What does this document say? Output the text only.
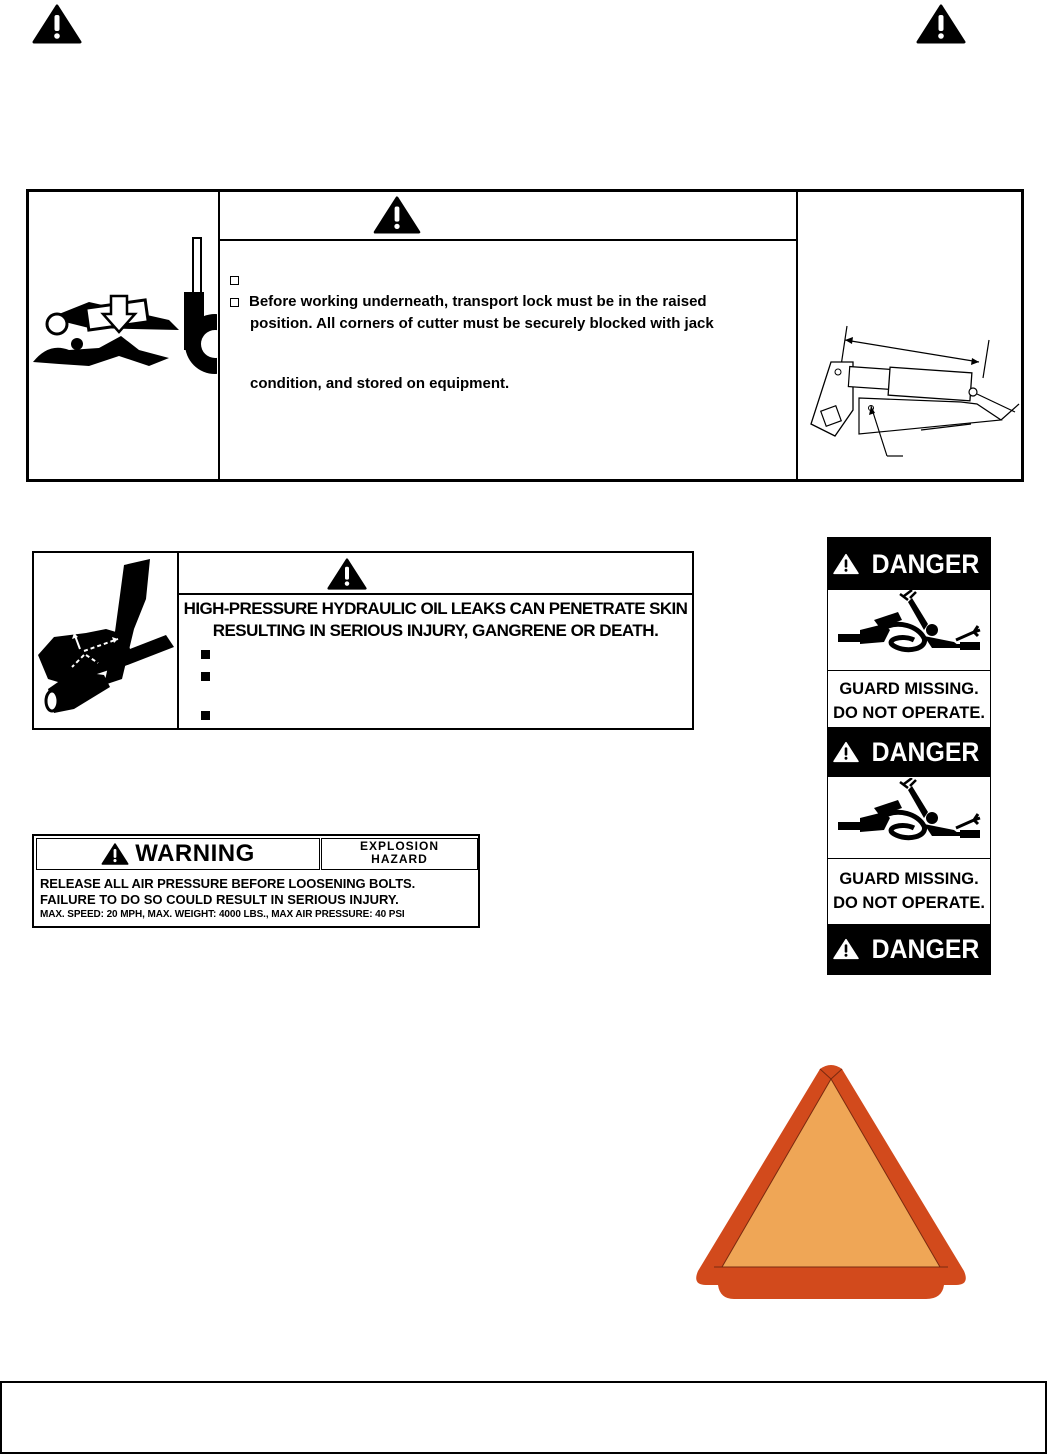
Before working underneath, transport lock must be in the raised
position. All corners of cutter must be securely blocked with jack
condition, and stored on equipment.
HIGH-PRESSURE HYDRAULIC OIL LEAKS CAN PENETRATE SKIN
RESULTING IN SERIOUS INJURY, GANGRENE OR DEATH.
WARNING	EXPLOSION
HAZARD
RELEASE ALL AIR PRESSURE BEFORE LOOSENING BOLTS.
FAILURE TO DO SO COULD RESULT IN SERIOUS INJURY.
MAX. SPEED: 20 MPH, MAX. WEIGHT: 4000 LBS., MAX AIR PRESSURE: 40 PSI
DANGER
GUARD MISSING.
DO NOT OPERATE.
DANGER
GUARD MISSING.
DO NOT OPERATE.
DANGER
